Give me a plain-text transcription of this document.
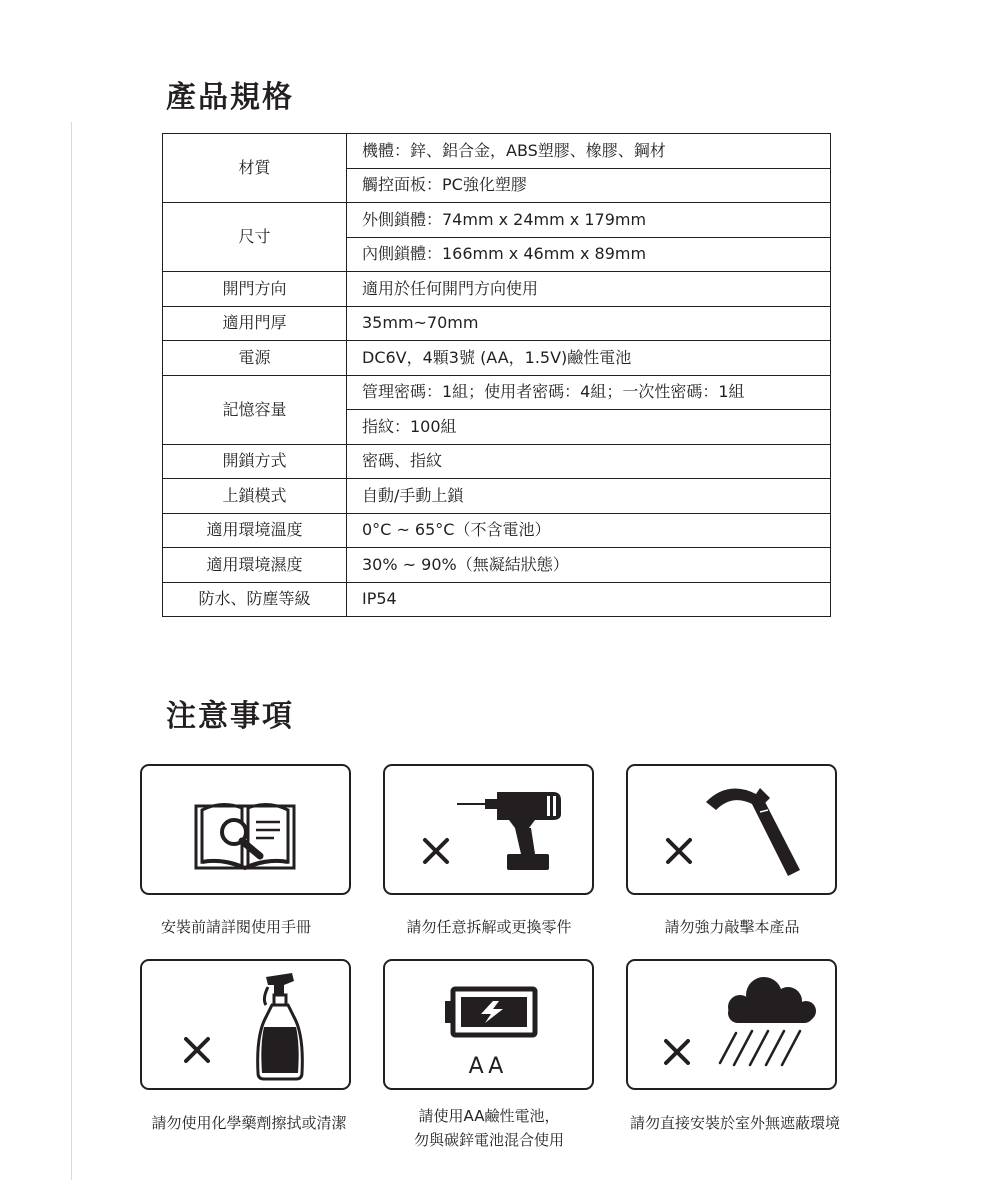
產品規格
材質	機體：鋅、鋁合金，ABS塑膠、橡膠、鋼材
	觸控面板：PC強化塑膠
尺寸	外側鎖體：74mm x 24mm x 179mm
	內側鎖體：166mm x 46mm x 89mm
開門方向	適用於任何開門方向使用
適用門厚	35mm~70mm
電源	DC6V，4顆3號 (AA，1.5V)鹼性電池
記憶容量	管理密碼：1組；使用者密碼：4組；一次性密碼：1組
	指紋：100組
開鎖方式	密碼、指紋
上鎖模式	自動/手動上鎖
適用環境溫度	0°C ~ 65°C（不含電池）
適用環境濕度	30% ~ 90%（無凝結狀態）
防水、防塵等級	IP54
注意事項

安裝前請詳閱使用手冊	請勿任意拆解或更換零件	請勿強力敲擊本產品

請勿使用化學藥劑擦拭或清潔

AA

請使用AA鹼性電池，

勿與碳鋅電池混合使用

請勿直接安裝於室外無遮蔽環境
